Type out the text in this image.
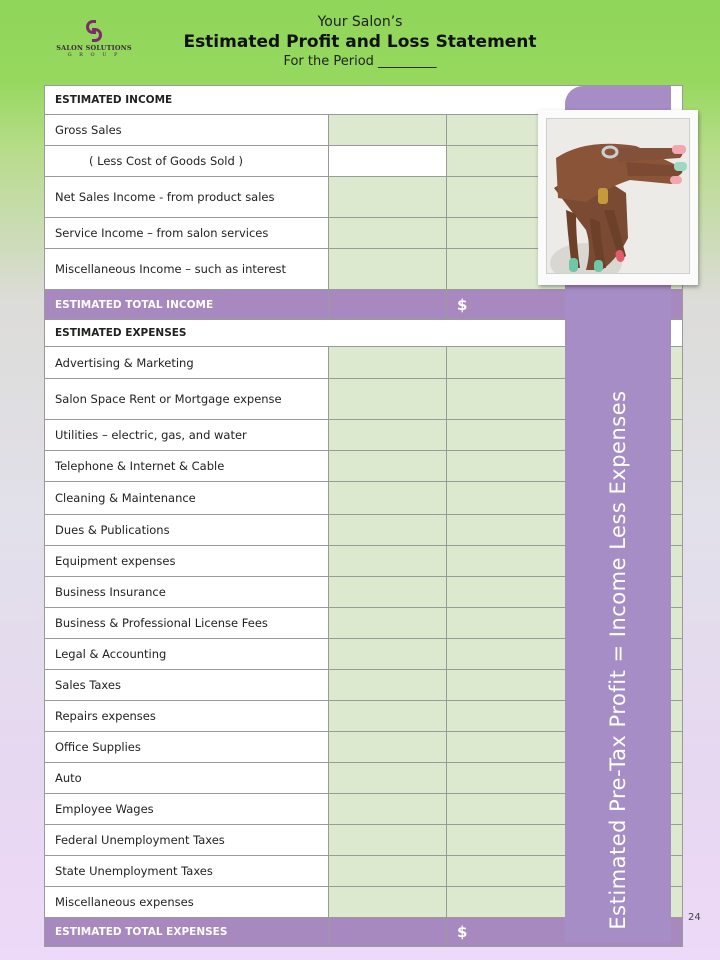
SALON SOLUTIONS
G R O U P
Your Salon’s
Estimated Profit and Loss Statement
For the Period _________
ESTIMATED INCOME		
Gross Sales		
( Less Cost of Goods Sold )		
Net Sales Income - from product sales		
Service Income – from salon services		
Miscellaneous Income – such as interest		
ESTIMATED TOTAL INCOME		$
ESTIMATED EXPENSES		
Advertising & Marketing		
Salon Space Rent or Mortgage expense		
Utilities – electric, gas, and water		
Telephone & Internet & Cable		
Cleaning & Maintenance		
Dues & Publications		
Equipment expenses		
Business Insurance		
Business & Professional License Fees		
Legal & Accounting		
Sales Taxes		
Repairs expenses		
Office Supplies		
Auto		
Employee Wages		
Federal Unemployment Taxes		
State Unemployment Taxes		
Miscellaneous expenses		
ESTIMATED TOTAL EXPENSES		$
Estimated Pre-Tax Profit = Income Less Expenses	24
